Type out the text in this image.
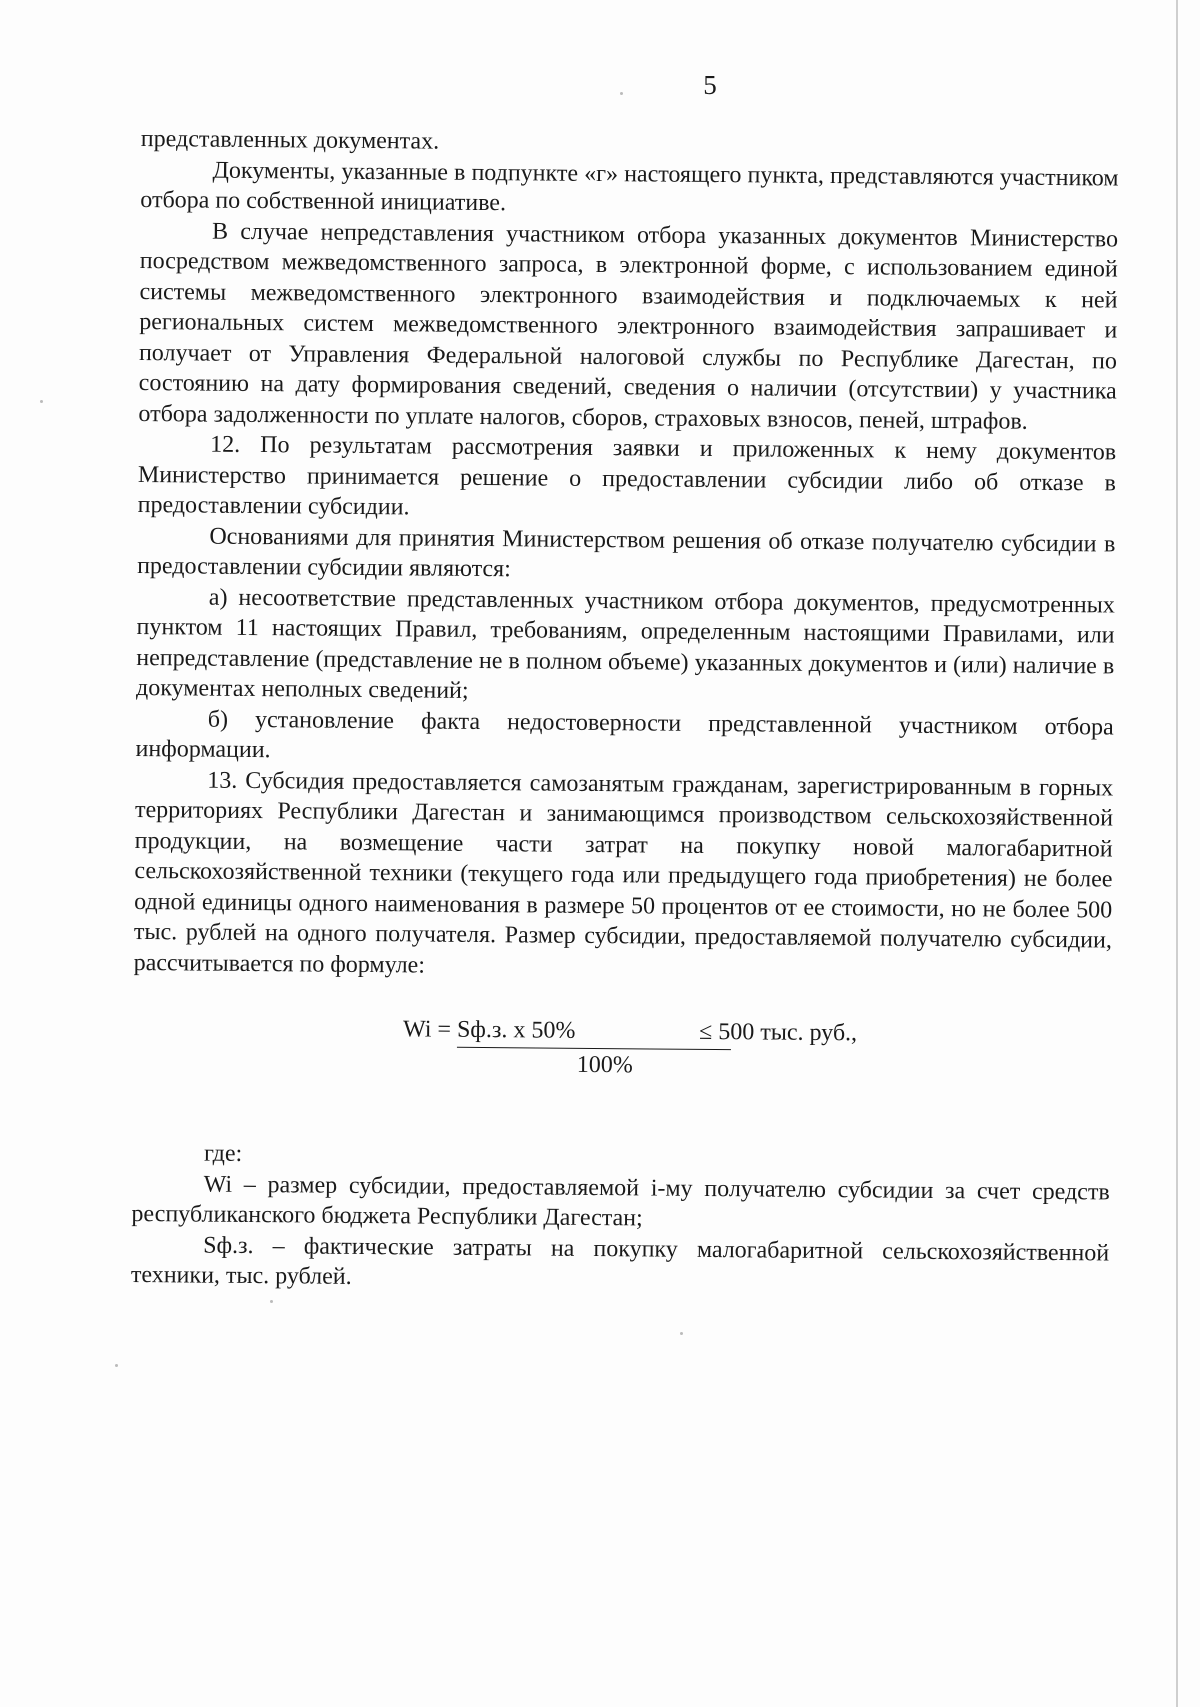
5

представленных документах.

Документы, указанные в подпункте «г» настоящего пункта, представляются участником отбора по собственной инициативе.

В случае непредставления участником отбора указанных документов Министерство посредством межведомственного запроса, в электронной форме, с использованием единой системы межведомственного электронного взаимодействия и подключаемых к ней региональных систем межведомственного электронного взаимодействия запрашивает и получает от Управления Федеральной налоговой службы по Республике Дагестан, по состоянию на дату формирования сведений, сведения о наличии (отсутствии) у участника отбора задолженности по уплате налогов, сборов, страховых взносов, пеней, штрафов.

12. По результатам рассмотрения заявки и приложенных к нему документов Министерство принимается решение о предоставлении субсидии либо об отказе в предоставлении субсидии.

Основаниями для принятия Министерством решения об отказе получателю субсидии в предоставлении субсидии являются:

а) несоответствие представленных участником отбора документов, предусмотренных пунктом 11 настоящих Правил, требованиям, определенным настоящими Правилами, или непредставление (представление не в полном объеме) указанных документов и (или) наличие в документах неполных сведений;

б) установление факта недостоверности представленной участником отбора информации.

13. Субсидия предоставляется самозанятым гражданам, зарегистрированным в горных территориях Республики Дагестан и занимающимся производством сельскохозяйственной продукции, на возмещение части затрат на покупку новой малогабаритной сельскохозяйственной техники (текущего года или предыдущего года приобретения) не более одной единицы одного наименования в размере 50 процентов от ее стоимости, но не более 500 тыс. рублей на одного получателя. Размер субсидии, предоставляемой получателю субсидии, рассчитывается по формуле:

Wi = Sф.з. х 50%	≤ 500 тыс. руб.,
100%

где:

Wi – размер субсидии, предоставляемой i-му получателю субсидии за счет средств республиканского бюджета Республики Дагестан;

Sф.з. – фактические затраты на покупку малогабаритной сельскохозяйственной техники, тыс. рублей.
